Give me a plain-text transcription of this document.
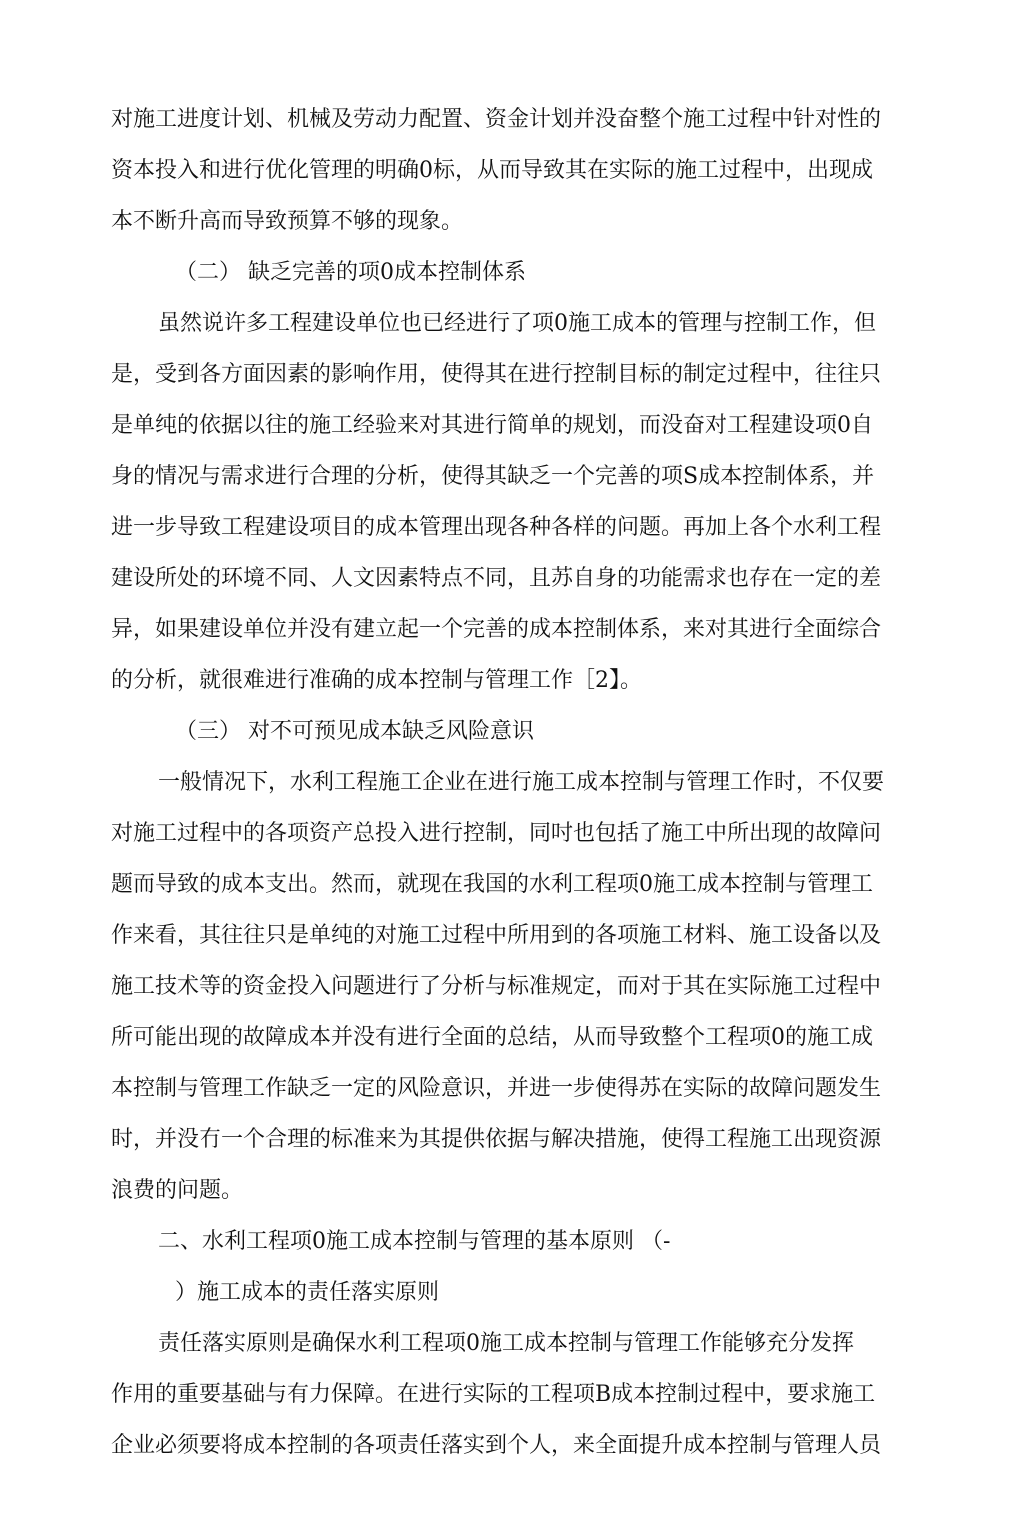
对施工进度计划、机械及劳动力配置、资金计划并没奋整个施工过程中针对性的
资本投入和进行优化管理的明确0标，从而导致其在实际的施工过程中，出现成
本不断升高而导致预算不够的现象。
（二） 缺乏完善的项0成本控制体系
虽然说许多工程建设单位也已经进行了项0施工成本的管理与控制工作，但
是，受到各方面因素的影响作用，使得其在进行控制目标的制定过程中，往往只
是单纯的依据以往的施工经验来对其进行简单的规划，而没奋对工程建设项0自
身的情况与需求进行合理的分析，使得其缺乏一个完善的项S成本控制体系，并
进一步导致工程建设项目的成本管理出现各种各样的问题。再加上各个水利工程
建设所处的环境不同、人文因素特点不同，且苏自身的功能需求也存在一定的差
异，如果建设单位并没有建立起一个完善的成本控制体系，来对其进行全面综合
的分析，就很难进行准确的成本控制与管理工作［2】。
（三） 对不可预见成本缺乏风险意识
一般情况下，水利工程施工企业在进行施工成本控制与管理工作时，不仅要
对施工过程中的各项资产总投入进行控制，同吋也包括了施工中所出现的故障问
题而导致的成本支出。然而，就现在我国的水利工程项0施工成本控制与管理工
作来看，其往往只是单纯的对施工过程中所用到的各项施工材料、施工设备以及
施工技术等的资金投入问题进行了分析与标准规定，而对于其在实际施工过程中
所可能出现的故障成本并没有进行全面的总结，从而导致整个工程项0的施工成
本控制与管理工作缺乏一定的风险意识，并进一步使得苏在实际的故障问题发生
时，并没冇一个合理的标准来为其提供依据与解决措施，使得工程施工出现资源
浪费的问题。
二、水利工程项0施工成本控制与管理的基本原则 （-
）施工成本的责任落实原则
责任落实原则是确保水利工程项0施工成本控制与管理工作能够充分发挥
作用的重要基础与有力保障。在进行实际的工程项B成本控制过程中，要求施工
企业必须要将成本控制的各项责任落实到个人，来全面提升成本控制与管理人员
